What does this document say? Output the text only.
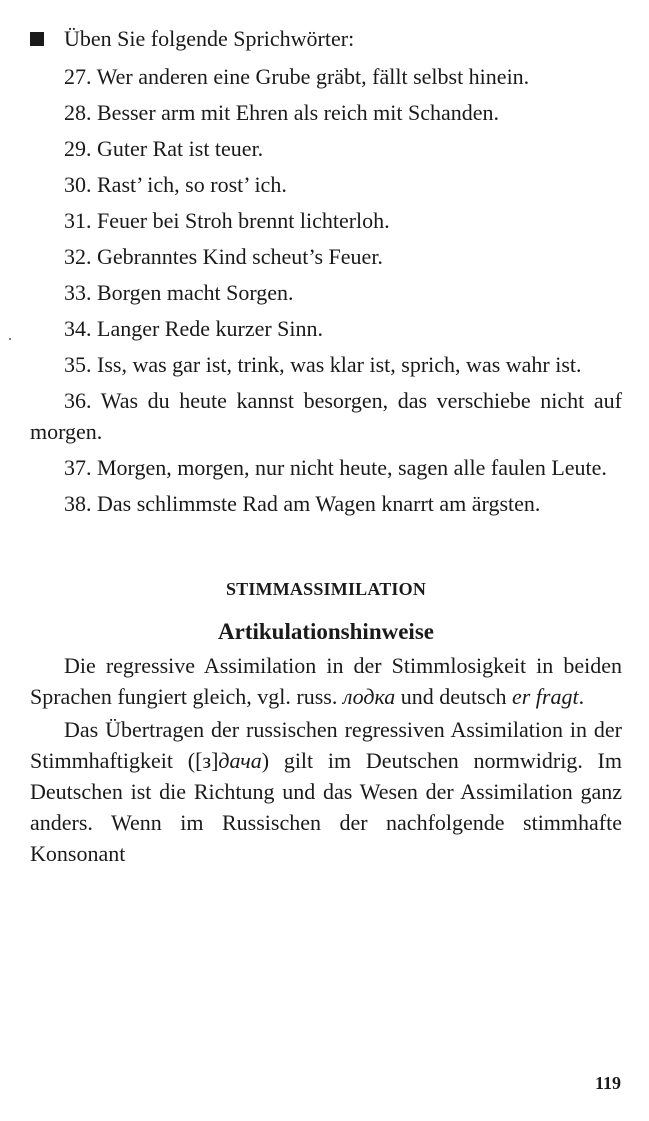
Üben Sie folgende Sprichwörter:
27. Wer anderen eine Grube gräbt, fällt selbst hinein.
28. Besser arm mit Ehren als reich mit Schanden.
29. Guter Rat ist teuer.
30. Rast’ ich, so rost’ ich.
31. Feuer bei Stroh brennt lichterloh.
32. Gebranntes Kind scheut’s Feuer.
33. Borgen macht Sorgen.
34. Langer Rede kurzer Sinn.
35. Iss, was gar ist, trink, was klar ist, sprich, was wahr ist.
36. Was du heute kannst besorgen, das verschiebe nicht auf morgen.
37. Morgen, morgen, nur nicht heute, sagen alle faulen Leute.
38. Das schlimmste Rad am Wagen knarrt am ärgsten.
STIMMASSIMILATION
Artikulationshinweise
Die regressive Assimilation in der Stimmlosigkeit in beiden Sprachen fungiert gleich, vgl. russ. лодка und deutsch er fragt.
Das Übertragen der russischen regressiven Assimilation in der Stimmhaftigkeit ([з]дача) gilt im Deutschen normwidrig. Im Deutschen ist die Richtung und das Wesen der Assimilation ganz anders. Wenn im Russischen der nachfolgende stimmhafte Konsonant
119
